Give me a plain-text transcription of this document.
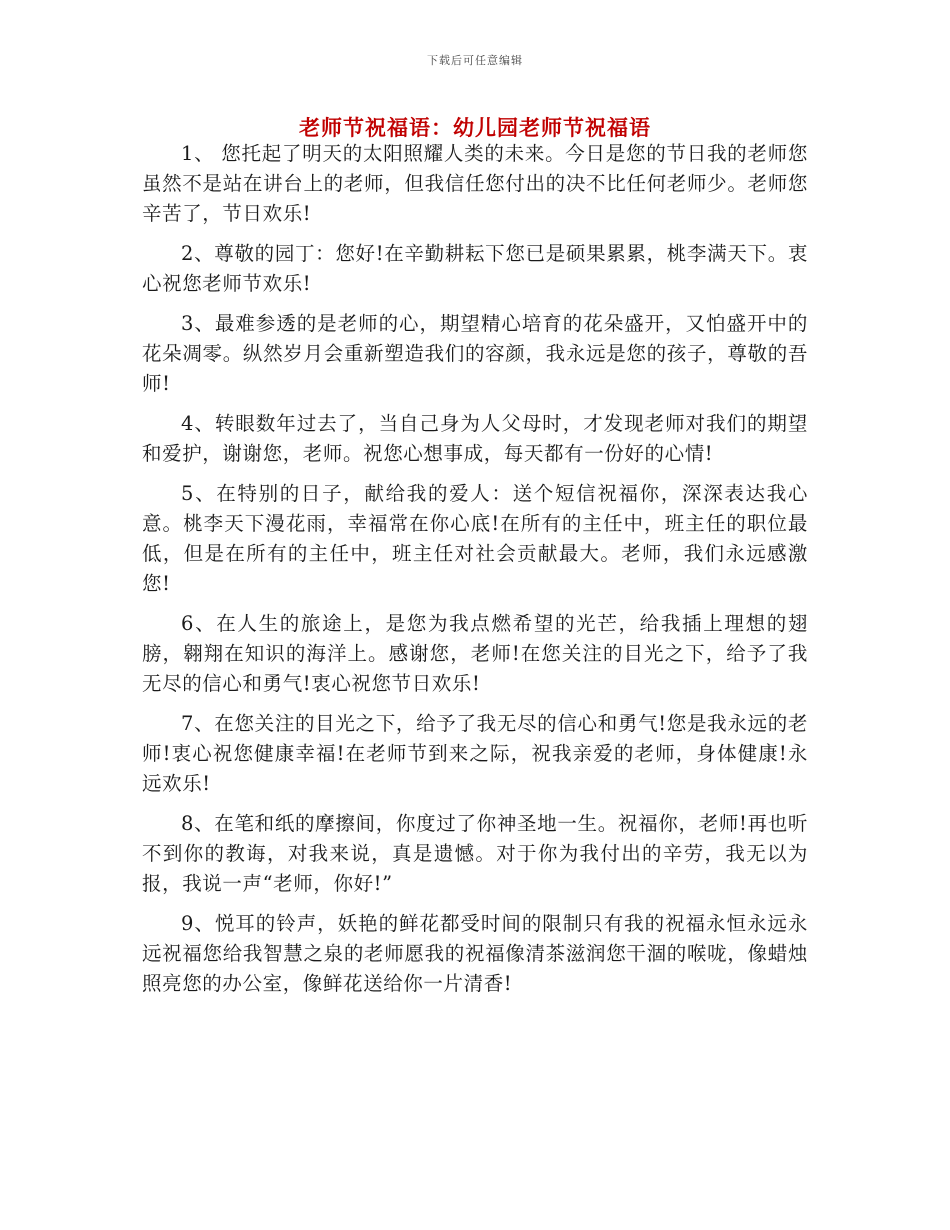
下载后可任意编辑
老师节祝福语：幼儿园老师节祝福语

1、 您托起了明天的太阳照耀人类的未来。今日是您的节日我的老师您虽然不是站在讲台上的老师，但我信任您付出的决不比任何老师少。老师您辛苦了，节日欢乐!

2、尊敬的园丁：您好!在辛勤耕耘下您已是硕果累累，桃李满天下。衷心祝您老师节欢乐!

3、最难参透的是老师的心，期望精心培育的花朵盛开，又怕盛开中的花朵凋零。纵然岁月会重新塑造我们的容颜，我永远是您的孩子，尊敬的吾师!

4、转眼数年过去了，当自己身为人父母时，才发现老师对我们的期望和爱护，谢谢您，老师。祝您心想事成，每天都有一份好的心情!

5、在特别的日子，献给我的爱人：送个短信祝福你，深深表达我心意。桃李天下漫花雨，幸福常在你心底!在所有的主任中，班主任的职位最低，但是在所有的主任中，班主任对社会贡献最大。老师，我们永远感激您!

6、在人生的旅途上，是您为我点燃希望的光芒，给我插上理想的翅膀，翱翔在知识的海洋上。感谢您，老师!在您关注的目光之下，给予了我无尽的信心和勇气!衷心祝您节日欢乐!

7、在您关注的目光之下，给予了我无尽的信心和勇气!您是我永远的老师!衷心祝您健康幸福!在老师节到来之际，祝我亲爱的老师，身体健康!永远欢乐!

8、在笔和纸的摩擦间，你度过了你神圣地一生。祝福你，老师!再也听不到你的教诲，对我来说，真是遗憾。对于你为我付出的辛劳，我无以为报，我说一声“老师，你好!”

9、悦耳的铃声，妖艳的鲜花都受时间的限制只有我的祝福永恒永远永远祝福您给我智慧之泉的老师愿我的祝福像清茶滋润您干涸的喉咙，像蜡烛照亮您的办公室，像鲜花送给你一片清香!
